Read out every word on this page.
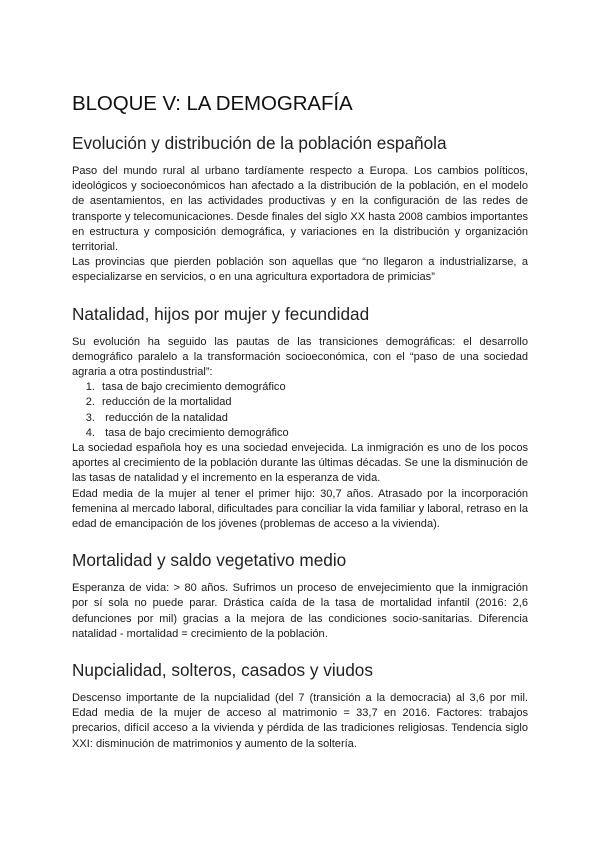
BLOQUE V: LA DEMOGRAFÍA
Evolución y distribución de la población española

Paso del mundo rural al urbano tardíamente respecto a Europa. Los cambios políticos, ideológicos y socioeconómicos han afectado a la distribución de la población, en el modelo de asentamientos, en las actividades productivas y en la configuración de las redes de transporte y telecomunicaciones. Desde finales del siglo XX hasta 2008 cambios importantes en estructura y composición demográfica, y variaciones en la distribución y organización territorial.

Las provincias que pierden población son aquellas que “no llegaron a industrializarse, a especializarse en servicios, o en una agricultura exportadora de primicias”

Natalidad, hijos por mujer y fecundidad

Su evolución ha seguido las pautas de las transiciones demográficas: el desarrollo demográfico paralelo a la transformación socioeconómica, con el “paso de una sociedad agraria a otra postindustrial”:

1. tasa de bajo crecimiento demográfico
2. reducción de la mortalidad
3.  reducción de la natalidad
4.  tasa de bajo crecimiento demográfico

La sociedad española hoy es una sociedad envejecida. La inmigración es uno de los pocos aportes al crecimiento de la población durante las últimas décadas. Se une la disminución de las tasas de natalidad y el incremento en la esperanza de vida.

Edad media de la mujer al tener el primer hijo: 30,7 años. Atrasado por la incorporación femenina al mercado laboral, dificultades para conciliar la vida familiar y laboral, retraso en la edad de emancipación de los jóvenes (problemas de acceso a la vivienda).

Mortalidad y saldo vegetativo medio

Esperanza de vida: > 80 años. Sufrimos un proceso de envejecimiento que la inmigración por sí sola no puede parar. Drástica caída de la tasa de mortalidad infantil (2016: 2,6 defunciones por mil) gracias a la mejora de las condiciones socio-sanitarias. Diferencia natalidad - mortalidad = crecimiento de la población.

Nupcialidad, solteros, casados y viudos

Descenso importante de la nupcialidad (del 7 (transición a la democracia) al 3,6 por mil. Edad media de la mujer de acceso al matrimonio = 33,7 en 2016. Factores: trabajos precarios, difícil acceso a la vivienda y pérdida de las tradiciones religiosas. Tendencia siglo XXI: disminución de matrimonios y aumento de la soltería.
